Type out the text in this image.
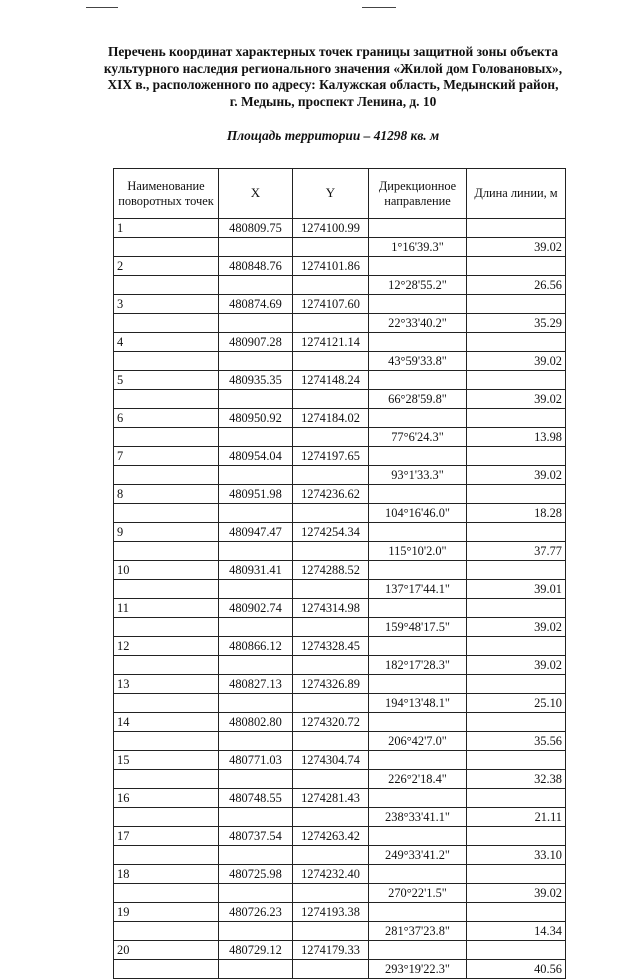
Перечень координат характерных точек границы защитной зоны объекта
культурного наследия регионального значения «Жилой дом Головановых»,
XIX в., расположенного по адресу: Калужская область, Медынский район,
г. Медынь, проспект Ленина, д. 10
Площадь территории – 41298 кв. м
Наименование поворотных точек	X	Y	Дирекционное направление	Длина линии, м
1	480809.75	1274100.99		
			1°16'39.3"	39.02
2	480848.76	1274101.86		
			12°28'55.2"	26.56
3	480874.69	1274107.60		
			22°33'40.2"	35.29
4	480907.28	1274121.14		
			43°59'33.8"	39.02
5	480935.35	1274148.24		
			66°28'59.8"	39.02
6	480950.92	1274184.02		
			77°6'24.3"	13.98
7	480954.04	1274197.65		
			93°1'33.3"	39.02
8	480951.98	1274236.62		
			104°16'46.0"	18.28
9	480947.47	1274254.34		
			115°10'2.0"	37.77
10	480931.41	1274288.52		
			137°17'44.1"	39.01
11	480902.74	1274314.98		
			159°48'17.5"	39.02
12	480866.12	1274328.45		
			182°17'28.3"	39.02
13	480827.13	1274326.89		
			194°13'48.1"	25.10
14	480802.80	1274320.72		
			206°42'7.0"	35.56
15	480771.03	1274304.74		
			226°2'18.4"	32.38
16	480748.55	1274281.43		
			238°33'41.1"	21.11
17	480737.54	1274263.42		
			249°33'41.2"	33.10
18	480725.98	1274232.40		
			270°22'1.5"	39.02
19	480726.23	1274193.38		
			281°37'23.8"	14.34
20	480729.12	1274179.33		
			293°19'22.3"	40.56
